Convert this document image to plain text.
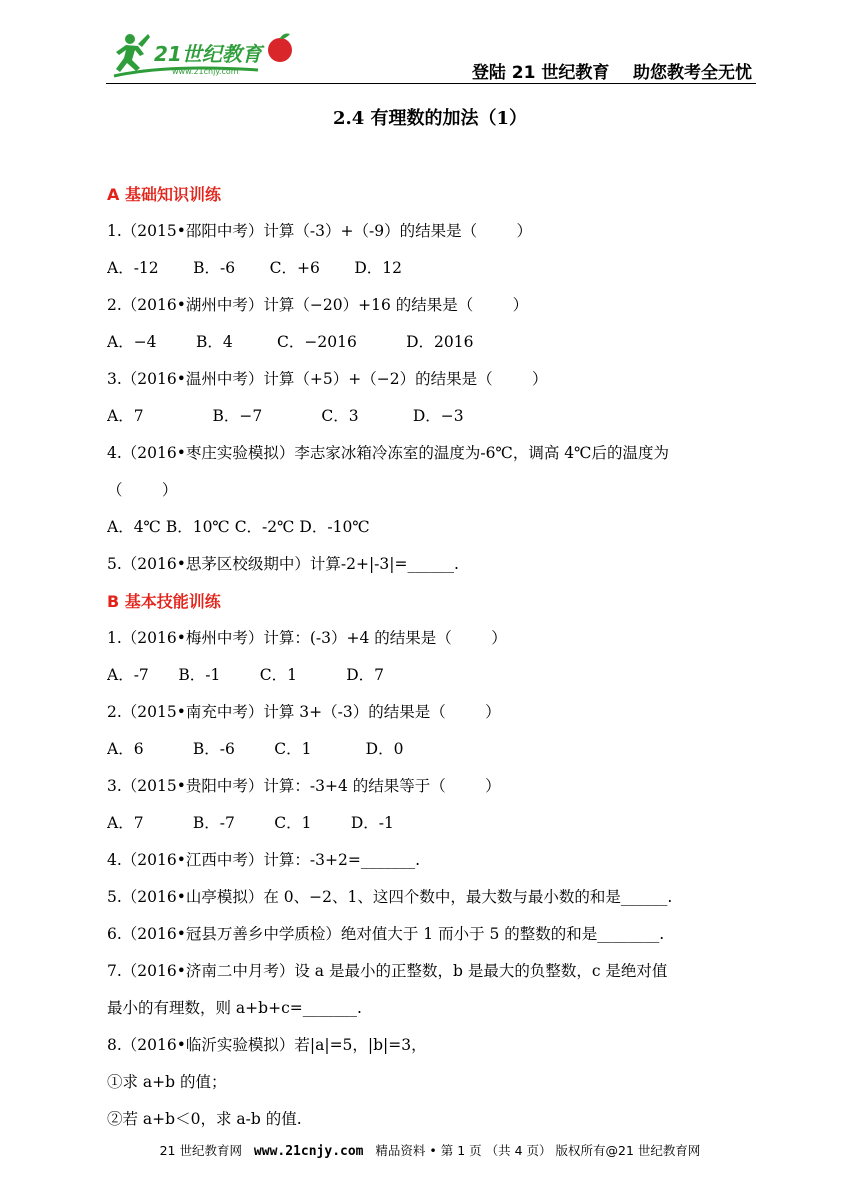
21世纪教育
www.21cnjy.com	登陆 21 世纪教育    助您教考全无忧
2.4 有理数的加法（1）
A 基础知识训练
1.（2015•邵阳中考）计算（-3）+（-9）的结果是（        ）
A．-12       B．-6       C．+6       D．12
2.（2016•湖州中考）计算（−20）+16 的结果是（        ）
A．−4        B．4         C．−2016          D．2016
3.（2016•温州中考）计算（+5）+（−2）的结果是（        ）
A．7              B．−7            C．3           D．−3
4.（2016•枣庄实验模拟）李志家冰箱冷冻室的温度为-6℃，调高 4℃后的温度为
（        ）
A．4℃ B．10℃ C．-2℃ D．-10℃
5.（2016•思茅区校级期中）计算-2+|-3|=______.
B 基本技能训练
1.（2016•梅州中考）计算：(-3）+4 的结果是（        ）
A．-7      B．-1        C．1          D．7
2.（2015•南充中考）计算 3+（-3）的结果是（        ）
A．6          B．-6        C．1           D．0
3.（2015•贵阳中考）计算：-3+4 的结果等于（        ）
A．7          B．-7        C．1        D．-1
4.（2016•江西中考）计算：-3+2=_______.
5.（2016•山亭模拟）在 0、−2、1、这四个数中，最大数与最小数的和是______.
6.（2016•冠县万善乡中学质检）绝对值大于 1 而小于 5 的整数的和是________.
7.（2016•济南二中月考）设 a 是最小的正整数，b 是最大的负整数，c 是绝对值
最小的有理数，则 a+b+c=_______.
8.（2016•临沂实验模拟）若|a|=5，|b|=3，
①求 a+b 的值；
②若 a+b＜0，求 a-b 的值.
21 世纪教育网   www.21cnjy.com   精品资料 • 第 1 页 （共 4 页） 版权所有@21 世纪教育网
